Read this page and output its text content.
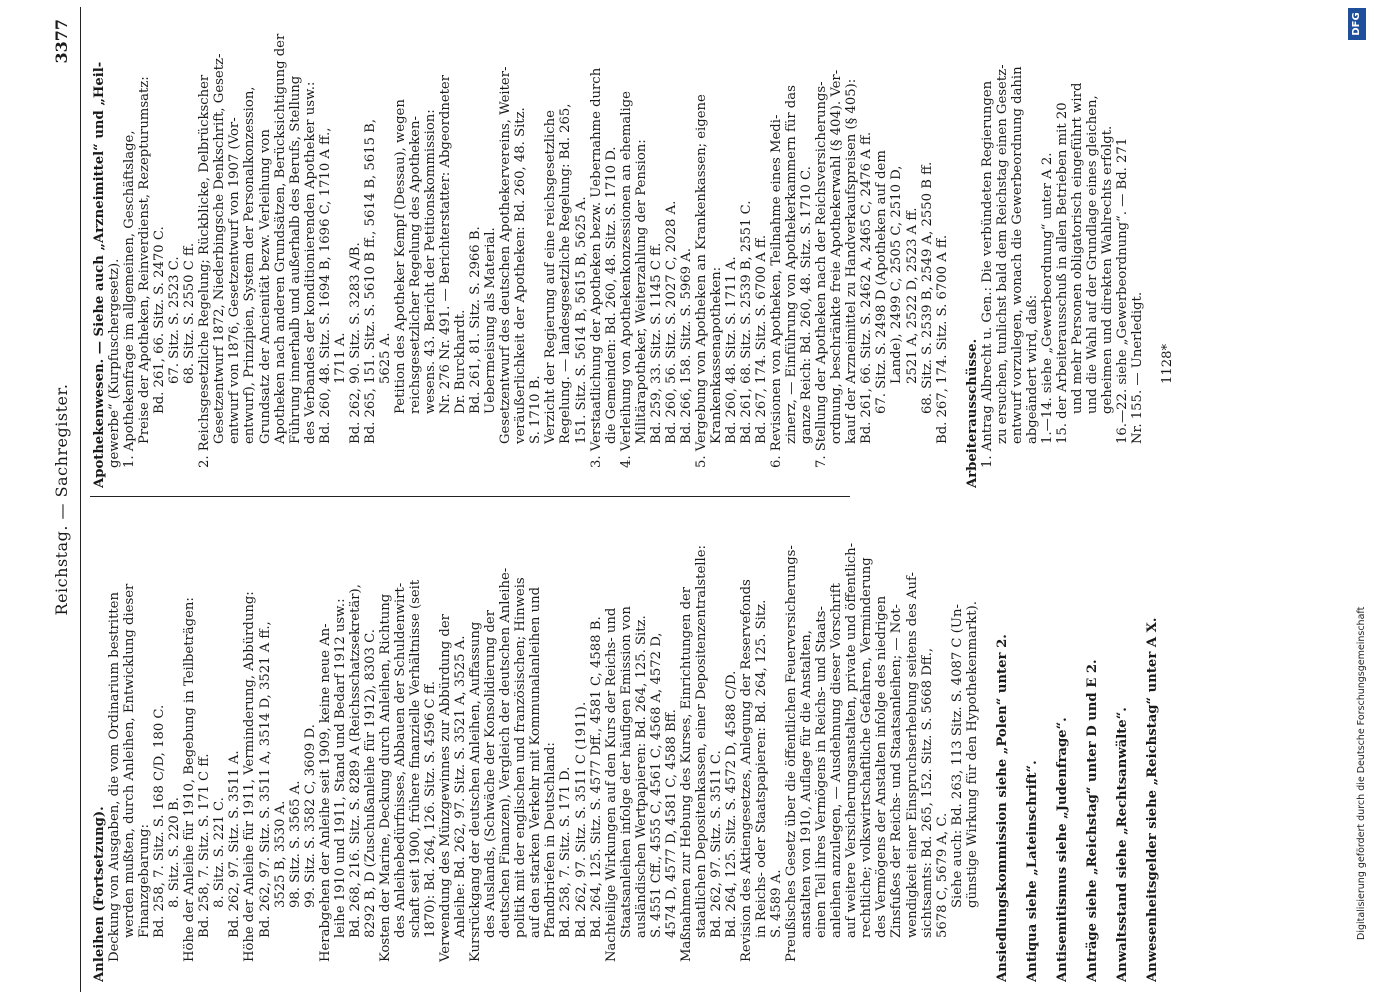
Reichstag. — Sachregister.
3377
Anleihen (Fortsetzung). Deckung von Ausgaben, die vom Ordinarium bestritten werden mußten, durch Anleihen, Entwicklung dieser Finanzgebarung: Bd. 258, 7. Sitz. S. 168 C/D, 180 C. 8. Sitz. S. 220 B. Höhe der Anleihe für 1910, Begebung in Teilbeträgen: Bd. 258, 7. Sitz. S. 171 C ff. 8. Sitz. S. 221 C. Bd. 262, 97. Sitz. S. 3511 A. Höhe der Anleihe für 1911, Verminderung, Abbürdung: Bd. 262, 97. Sitz. S. 3511 A, 3514 D, 3521 A ff., 3525 B, 3530 A. 98. Sitz. S. 3565 A. 99. Sitz. S. 3582 C, 3609 D. Herabgehen der Anleihe seit 1909, keine neue An- leihe 1910 und 1911, Stand und Bedarf 1912 usw.: Bd. 268, 216. Sitz. S. 8289 A (Reichsschatzsekretär), 8292 B, D (Zuschußanleihe für 1912), 8303 C. Kosten der Marine, Deckung durch Anleihen, Richtung des Anleihebedürfnisses, Abbauen der Schuldenwirt- schaft seit 1900, frühere finanzielle Verhältnisse (seit 1870): Bd. 264, 126. Sitz. S. 4596 C ff. Verwendung des Münzgewinnes zur Abbürdung der Anleihe: Bd. 262, 97. Sitz. S. 3521 A, 3525 A. Kursrückgang der deutschen Anleihen, Auffassung des Auslands, (Schwäche der Konsolidierung der deutschen Finanzen), Vergleich der deutschen Anleihe- politik mit der englischen und französischen; Hinweis auf den starken Verkehr mit Kommunalanleihen und Pfandbriefen in Deutschland: Bd. 258, 7. Sitz. S. 171 D. Bd. 262, 97. Sitz. S. 3511 C (1911). Bd. 264, 125. Sitz. S. 4577 Dff., 4581 C, 4588 B. Nachteilige Wirkungen auf den Kurs der Reichs- und Staatsanleihen infolge der häufigen Emission von ausländischen Wertpapieren: Bd. 264, 125. Sitz. S. 4551 Cff., 4555 C, 4561 C, 4568 A, 4572 D, 4574 D, 4577 D, 4581 C, 4588 Bff. Maßnahmen zur Hebung des Kurses, Einrichtungen der staatlichen Depositenkassen, einer Depositenzentralstelle: Bd. 262, 97. Sitz. S. 3511 C. Bd. 264, 125. Sitz. S. 4572 D, 4588 C/D. Revision des Aktiengesetzes, Anlegung der Reservefonds in Reichs- oder Staatspapieren: Bd. 264, 125. Sitz. S. 4589 A. Preußisches Gesetz über die öffentlichen Feuerversicherungs- anstalten von 1910, Auflage für die Anstalten, einen Teil ihres Vermögens in Reichs- und Staats- anleihen anzulegen, — Ausdehnung dieser Vorschrift auf weitere Versicherungsanstalten, private und öffentlich- rechtliche; volkswirtschaftliche Gefahren, Verminderung des Vermögens der Anstalten infolge des niedrigen Zinsfußes der Reichs- und Staatsanleihen; — Not- wendigkeit einer Einspruchserhebung seitens des Auf- sichtsamts: Bd. 265, 152. Sitz. S. 5668 Dff., 5678 C, 5679 A, C. Siehe auch: Bd. 263, 113 Sitz. S. 4087 C (Un- günstige Wirkung für den Hypothekenmarkt).
Ansiedlungskommission siehe „Polen“ unter 2.
Antiqua siehe „Lateinschrift“.
Antisemitismus siehe „Judenfrage“.
Anträge siehe „Reichstag“ unter D und E 2.
Anwaltsstand siehe „Rechtsanwälte“.
Anwesenheitsgelder siehe „Reichstag“ unter A X.
Apothekenwesen. — Siehe auch „Arzneimittel“ und „Heil- gewerbe“ (Kurpfuschergesetz). 1. Apothekenfrage im allgemeinen, Geschäftslage, Preise der Apotheken, Reinverdienst, Rezepturumsatz: Bd. 261, 66. Sitz. S. 2470 C. 67. Sitz. S. 2523 C. 68. Sitz. S. 2550 C ff. 2. Reichsgesetzliche Regelung; Rückblicke, Delbrückscher Gesetzentwurf 1872, Niederbingsche Denkschrift, Gesetz- entwurf von 1876, Gesetzentwurf von 1907 (Vor- entwurf), Prinzipien, System der Personalkonzession, Grundsatz der Ancienität bezw. Verleihung von Apotheken nach anderen Grundsätzen, Berücksichtigung der Führung innerhalb und außerhalb des Berufs, Stellung des Verbandes der konditionierenden Apotheker usw.: Bd. 260, 48. Sitz. S. 1694 B, 1696 C, 1710 A ff., 1711 A. Bd. 262, 90. Sitz. S. 3283 A/B. Bd. 265, 151. Sitz. S. 5610 B ff., 5614 B, 5615 B, 5625 A. Petition des Apotheker Kempf (Dessau), wegen reichsgesetzlicher Regelung des Apotheken- wesens. 43. Bericht der Petitionskommission: Nr. 276 Nr. 491. — Berichterstatter: Abgeordneter Dr. Burckhardt. Bd. 261, 81. Sitz. S. 2966 B. Uebermeisung als Material. Gesetzentwurf des deutschen Apothekervereins, Weiter- veräußerlichkeit der Apotheken: Bd. 260, 48. Sitz. S. 1710 B. Verzicht der Regierung auf eine reichsgesetzliche Regelung. — landesgesetzliche Regelung: Bd. 265, 151. Sitz. S. 5614 B, 5615 B, 5625 A. 3. Verstaatlichung der Apotheken bezw. Uebernahme durch die Gemeinden: Bd. 260, 48. Sitz. S. 1710 D. 4. Verleihung von Apothekenkonzessionen an ehemalige Militärapotheker, Weiterzahlung der Pension: Bd. 259, 33. Sitz. S. 1145 C ff. Bd. 260, 56. Sitz. S. 2027 C, 2028 A. Bd. 266, 158. Sitz. S. 5969 A. 5. Vergebung von Apotheken an Krankenkassen; eigene Krankenkassenapotheken: Bd. 260, 48. Sitz. S. 1711 A. Bd. 261, 68. Sitz. S. 2539 B, 2551 C. Bd. 267, 174. Sitz. S. 6700 A ff. 6. Revisionen von Apotheken, Teilnahme eines Medi- zinerz, — Einführung von Apothekerkammern für das ganze Reich: Bd. 260, 48. Sitz. S. 1710 C. 7. Stellung der Apotheken nach der Reichsversicherungs- ordnung, beschränkte freie Apothekerwahl (§ 404). Ver- kauf der Arzneimittel zu Handverkaufspreisen (§ 405): Bd. 261, 66. Sitz. S. 2462 A, 2465 C, 2476 A ff. 67. Sitz. S. 2498 D (Apotheken auf dem Lande), 2499 C, 2505 C, 2510 D, 2521 A, 2522 D, 2523 A ff. 68. Sitz. S. 2539 B, 2549 A, 2550 B ff. Bd. 267, 174. Sitz. S. 6700 A ff.
Arbeiterausschüsse. 1. Antrag Albrecht u. Gen.: Die verbündeten Regierungen zu ersuchen, tunlichst bald dem Reichstag einen Gesetz- entwurf vorzulegen, wonach die Gewerbeordnung dahin abgeändert wird, daß: 1.—14. siehe „Gewerbeordnung“ unter A 2. 15. der Arbeiterausschuß in allen Betrieben mit 20 und mehr Personen obligatorisch eingeführt wird und die Wahl auf der Grundlage eines gleichen, geheimen und direkten Wahlrechts erfolgt. 16.—22. siehe „Gewerbeordnung“. — Bd. 271 Nr. 155. — Unerledigt.
1128*
Digitalisierung gefördert durch die Deutsche Forschungsgemeinschaft
DFG
